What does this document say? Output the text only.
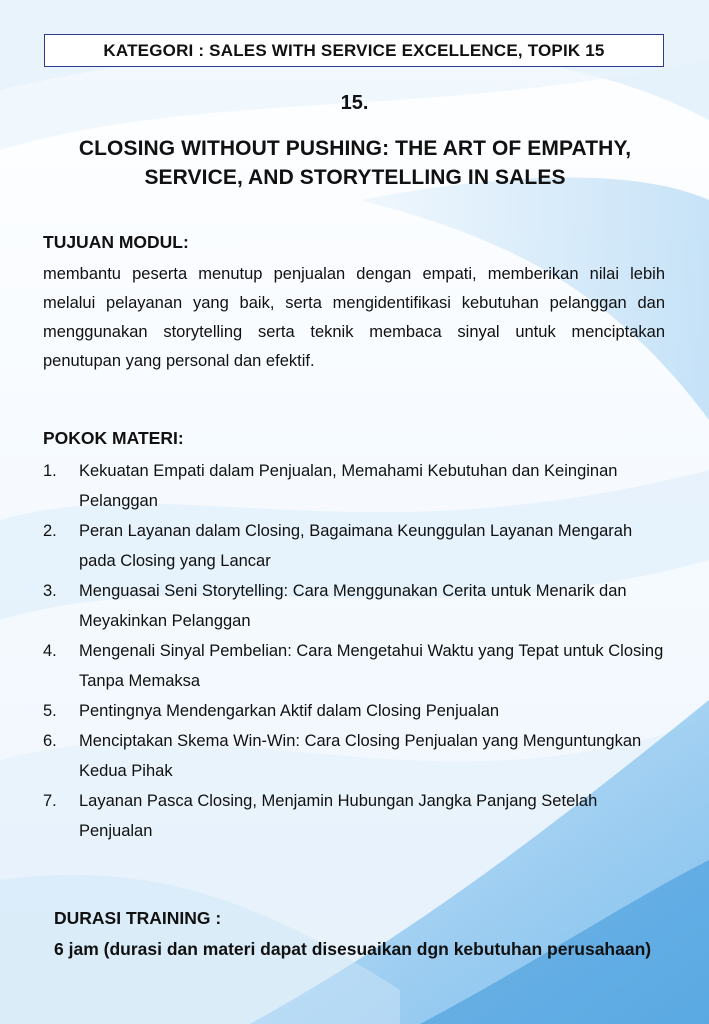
KATEGORI : SALES WITH SERVICE EXCELLENCE, TOPIK 15
15.
CLOSING WITHOUT PUSHING: THE ART OF EMPATHY,
SERVICE, AND STORYTELLING IN SALES
TUJUAN MODUL:
membantu peserta menutup penjualan dengan empati, memberikan nilai lebih melalui pelayanan yang baik, serta mengidentifikasi kebutuhan pelanggan dan menggunakan storytelling serta teknik membaca sinyal untuk menciptakan penutupan yang personal dan efektif.
POKOK MATERI:
1.	Kekuatan Empati dalam Penjualan, Memahami Kebutuhan dan Keinginan Pelanggan
2.	Peran Layanan dalam Closing, Bagaimana Keunggulan Layanan Mengarah pada Closing yang Lancar
3.	Menguasai Seni Storytelling: Cara Menggunakan Cerita untuk Menarik dan Meyakinkan Pelanggan
4.	Mengenali Sinyal Pembelian: Cara Mengetahui Waktu yang Tepat untuk Closing Tanpa Memaksa
5.	Pentingnya Mendengarkan Aktif dalam Closing Penjualan
6.	Menciptakan Skema Win-Win: Cara Closing Penjualan yang Menguntungkan Kedua Pihak
7.	Layanan Pasca Closing, Menjamin Hubungan Jangka Panjang Setelah Penjualan
DURASI TRAINING :
6 jam (durasi dan materi dapat disesuaikan dgn kebutuhan perusahaan)
